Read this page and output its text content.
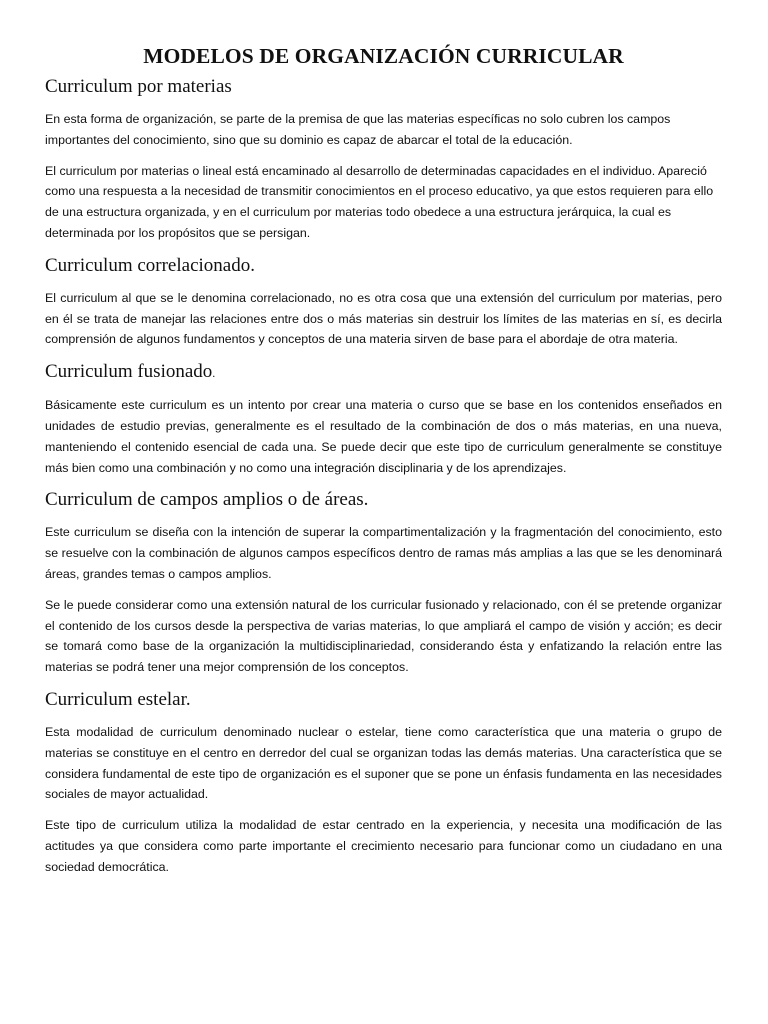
MODELOS DE ORGANIZACIÓN CURRICULAR
Curriculum por materias

En esta forma de organización, se parte de la premisa de que las materias específicas no solo cubren los campos importantes del conocimiento, sino que su dominio es capaz de abarcar el total de la educación.

El curriculum por materias o lineal está encaminado al desarrollo de determinadas capacidades en el individuo. Apareció como una respuesta a la necesidad de transmitir conocimientos en el proceso educativo, ya que estos requieren para ello de una estructura organizada, y en el curriculum por materias todo obedece a una estructura jerárquica, la cual es determinada por los propósitos que se persigan.

Curriculum correlacionado.

El curriculum al que se le denomina correlacionado, no es otra cosa que una extensión del curriculum por materias, pero en él se trata de manejar las relaciones entre dos o más materias sin destruir los límites de las materias en sí, es decirla comprensión de algunos fundamentos y conceptos de una materia sirven de base para el abordaje de otra materia.

Curriculum fusionado.

Básicamente este curriculum es un intento por crear una materia o curso que se base en los contenidos enseñados en unidades de estudio previas, generalmente es el resultado de la combinación de dos o más materias, en una nueva, manteniendo el contenido esencial de cada una. Se puede decir que este tipo de curriculum generalmente se constituye más bien como una combinación y no como una integración disciplinaria y de los aprendizajes.

Curriculum de campos amplios o de áreas.

Este curriculum se diseña con la intención de superar la compartimentalización y la fragmentación del conocimiento, esto se resuelve con la combinación de algunos campos específicos dentro de ramas más amplias a las que se les denominará áreas, grandes temas o campos amplios.

Se le puede considerar como una extensión natural de los curricular fusionado y relacionado, con él se pretende organizar el contenido de los cursos desde la perspectiva de varias materias, lo que ampliará el campo de visión y acción; es decir se tomará como base de la organización la multidisciplinariedad, considerando ésta y enfatizando la relación entre las materias se podrá tener una mejor comprensión de los conceptos.

Curriculum estelar.

Esta modalidad de curriculum denominado nuclear o estelar, tiene como característica que una materia o grupo de materias se constituye en el centro en derredor del cual se organizan todas las demás materias. Una característica que se considera fundamental de este tipo de organización es el suponer que se pone un énfasis fundamenta en las necesidades sociales de mayor actualidad.

Este tipo de curriculum utiliza la modalidad de estar centrado en la experiencia, y necesita una modificación de las actitudes ya que considera como parte importante el crecimiento necesario para funcionar como un ciudadano en una sociedad democrática.
